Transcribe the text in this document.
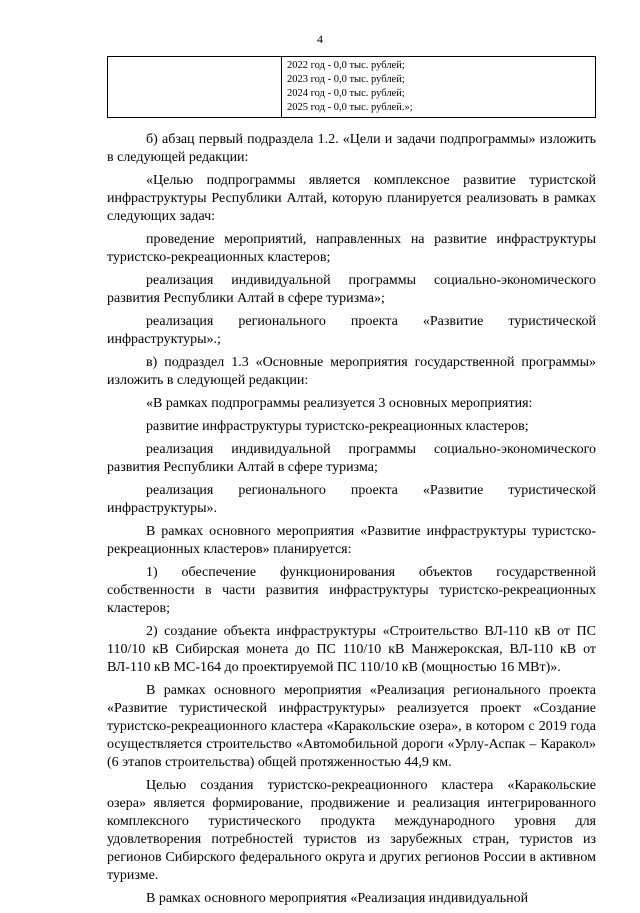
4

2022 год - 0,0 тыс. рублей;
2023 год - 0,0 тыс. рублей;
2024 год - 0,0 тыс. рублей;
2025 год - 0,0 тыс. рублей.»;

б) абзац первый подраздела 1.2. «Цели и задачи подпрограммы» изложить в следующей редакции:

«Целью подпрограммы является комплексное развитие туристской инфраструктуры Республики Алтай, которую планируется реализовать в рамках следующих задач:

проведение мероприятий, направленных на развитие инфраструктуры туристско-рекреационных кластеров;

реализация индивидуальной программы социально-экономического развития Республики Алтай в сфере туризма»;

реализация регионального проекта «Развитие туристической инфраструктуры».;

в) подраздел 1.3 «Основные мероприятия государственной программы» изложить в следующей редакции:

«В рамках подпрограммы реализуется 3 основных мероприятия:

развитие инфраструктуры туристско-рекреационных кластеров;

реализация индивидуальной программы социально-экономического развития Республики Алтай в сфере туризма;

реализация регионального проекта «Развитие туристической инфраструктуры».

В рамках основного мероприятия «Развитие инфраструктуры туристско-рекреационных кластеров» планируется:

1) обеспечение функционирования объектов государственной собственности в части развития инфраструктуры туристско-рекреационных кластеров;

2) создание объекта инфраструктуры «Строительство ВЛ-110 кВ от ПС 110/10 кВ Сибирская монета до ПС 110/10 кВ Манжерокская, ВЛ-110 кВ от ВЛ-110 кВ МС-164 до проектируемой ПС 110/10 кВ (мощностью 16 МВт)».

В рамках основного мероприятия «Реализация регионального проекта «Развитие туристической инфраструктуры» реализуется проект «Создание туристско-рекреационного кластера «Каракольские озера», в котором с 2019 года осуществляется строительство «Автомобильной дороги «Урлу-Аспак – Каракол» (6 этапов строительства) общей протяженностью 44,9 км.

Целью создания туристско-рекреационного кластера «Каракольские озера» является формирование, продвижение и реализация интегрированного комплексного туристического продукта международного уровня для удовлетворения потребностей туристов из зарубежных стран, туристов из регионов Сибирского федерального округа и других регионов России в активном туризме.

В рамках основного мероприятия «Реализация индивидуальной
